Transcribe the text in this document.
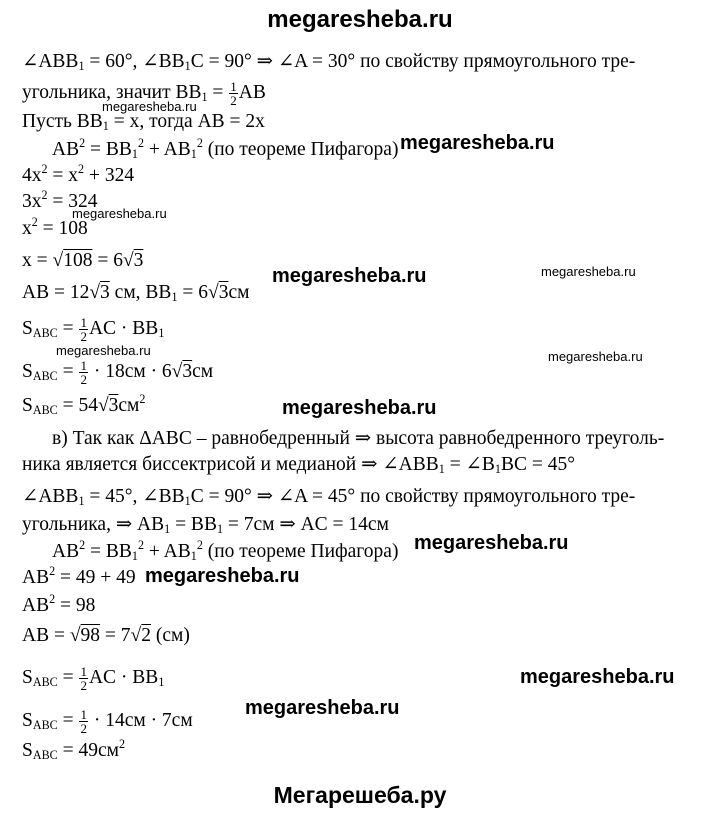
megaresheba.ru
$\angle ABB_1 = 60^\circ$, $\angle BB_1C = 90^\circ$ ⇒ ∠A = 30° по свойству прямоугольного тре-
угольника, значит $BB_1 = \frac{1}{2}$ AB
Пусть $BB_1 = x$, тогда AB = 2x
$AB^2 = BB_1^2 + AB_1^2$ (по теореме Пифагора)
$4x^2 = x^2 + 324$
$3x^2 = 324$
$x^2 = 108$
x = √108 = 6√3
AB = 12√3 см, $BB_1 = 6√3см$
$S_{ABC} = \frac{1}{2}$ AC · $BB_1$
$S_{ABC} = \frac{1}{2} \cdot 18см \cdot 6√3см$
$S_{ABC} = 54√3см^2$
в) Так как ΔABC – равнобедренный ⇒ высота равнобедренного треуголь-
ника является биссектрисой и медианой ⇒ $\angle ABB_1$ = $\angle B_1BC = 45^\circ$
$\angle ABB_1 = 45^\circ$, $\angle BB_1C = 90^\circ$ ⇒ ∠A = 45° по свойству прямоугольного тре-
угольника, ⇒ $AB_1 = BB_1 = 7см$ ⇒ AC = 14см
$AB^2 = BB_1^2 + AB_1^2$ (по теореме Пифагора)
$AB^2 = 49 + 49$
$AB^2 = 98$
AB = √98 = 7√2 (см)
$S_{ABC} = \frac{1}{2}$ AC · $BB_1$
$S_{ABC} = \frac{1}{2} \cdot 14см \cdot 7см$
$S_{ABC} = 49см^2$
megaresheba.ru
megaresheba.ru
megaresheba.ru
megaresheba.ru
megaresheba.ru
megaresheba.ru
megaresheba.ru
megaresheba.ru
megaresheba.ru
megaresheba.ru
megaresheba.ru	megaresheba.ru
Мегарешеба.ру
